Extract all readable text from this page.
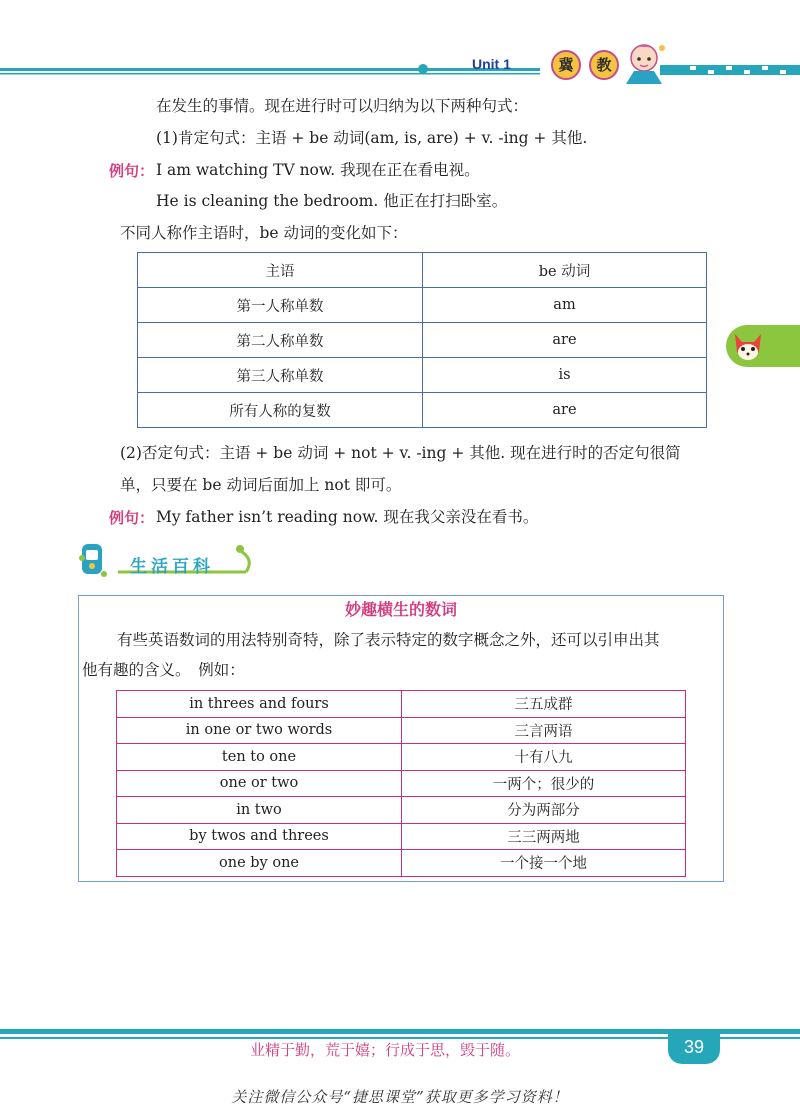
Unit 1	冀	教
在发生的事情。现在进行时可以归纳为以下两种句式：
(1)肯定句式：主语 + be 动词(am, is, are) + v. -ing + 其他.
例句： I am watching TV now. 我现在正在看电视。
He is cleaning the bedroom. 他正在打扫卧室。
不同人称作主语时，be 动词的变化如下：
主语	be 动词
第一人称单数	am
第二人称单数	are
第三人称单数	is
所有人称的复数	are
(2)否定句式：主语 + be 动词 + not + v. -ing + 其他. 现在进行时的否定句很简
单，只要在 be 动词后面加上 not 即可。
例句： My father isn’t reading now. 现在我父亲没在看书。
生活百科
妙趣横生的数词
有些英语数词的用法特别奇特，除了表示特定的数字概念之外，还可以引申出其
他有趣的含义。　例如：
in threes and fours	三五成群
in one or two words	三言两语
ten to one	十有八九
one or two	一两个；很少的
in two	分为两部分
by twos and threes	三三两两地
one by one	一个接一个地
业精于勤，荒于嬉；行成于思，毁于随。	39
关注微信公众号“捷思课堂”获取更多学习资料！
